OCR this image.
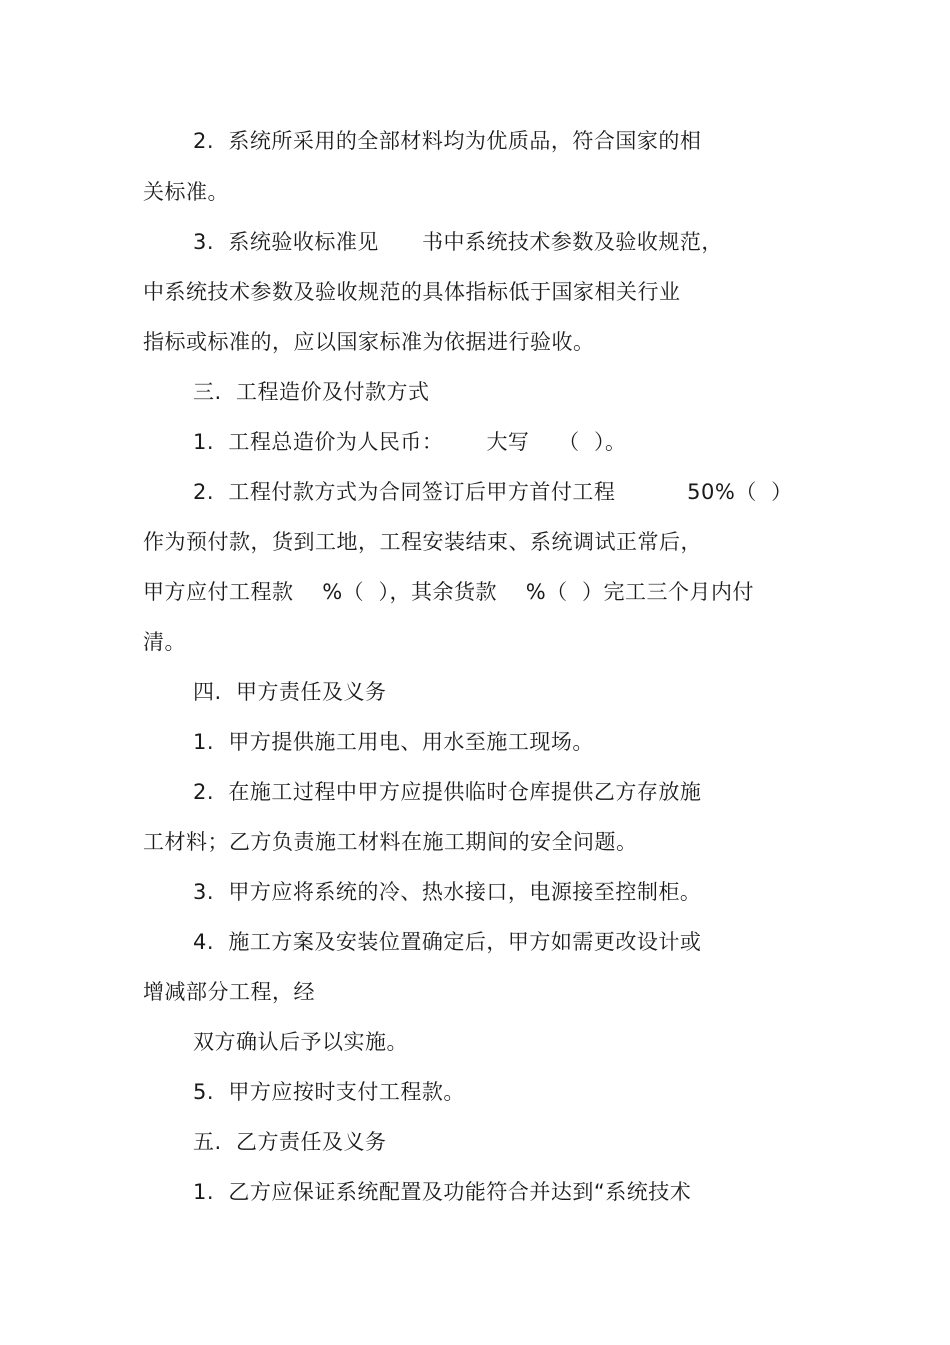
2.  系统所采用的全部材料均为优质品，符合国家的相
关标准。
3.  系统验收标准见      书中系统技术参数及验收规范，
中系统技术参数及验收规范的具体指标低于国家相关行业
指标或标准的，应以国家标准为依据进行验收。
三.  工程造价及付款方式
1.  工程总造价为人民币：      大写    （  ）。
2.  工程付款方式为合同签订后甲方首付工程          50%（  ）
作为预付款，货到工地，工程安装结束、系统调试正常后，
甲方应付工程款    %（  ），其余货款    %（  ）完工三个月内付
清。
四.  甲方责任及义务
1.  甲方提供施工用电、用水至施工现场。
2.  在施工过程中甲方应提供临时仓库提供乙方存放施
工材料；乙方负责施工材料在施工期间的安全问题。
3.  甲方应将系统的冷、热水接口，电源接至控制柜。
4.  施工方案及安装位置确定后，甲方如需更改设计或
增减部分工程，经
双方确认后予以实施。
5.  甲方应按时支付工程款。
五.  乙方责任及义务
1.  乙方应保证系统配置及功能符合并达到“系统技术
